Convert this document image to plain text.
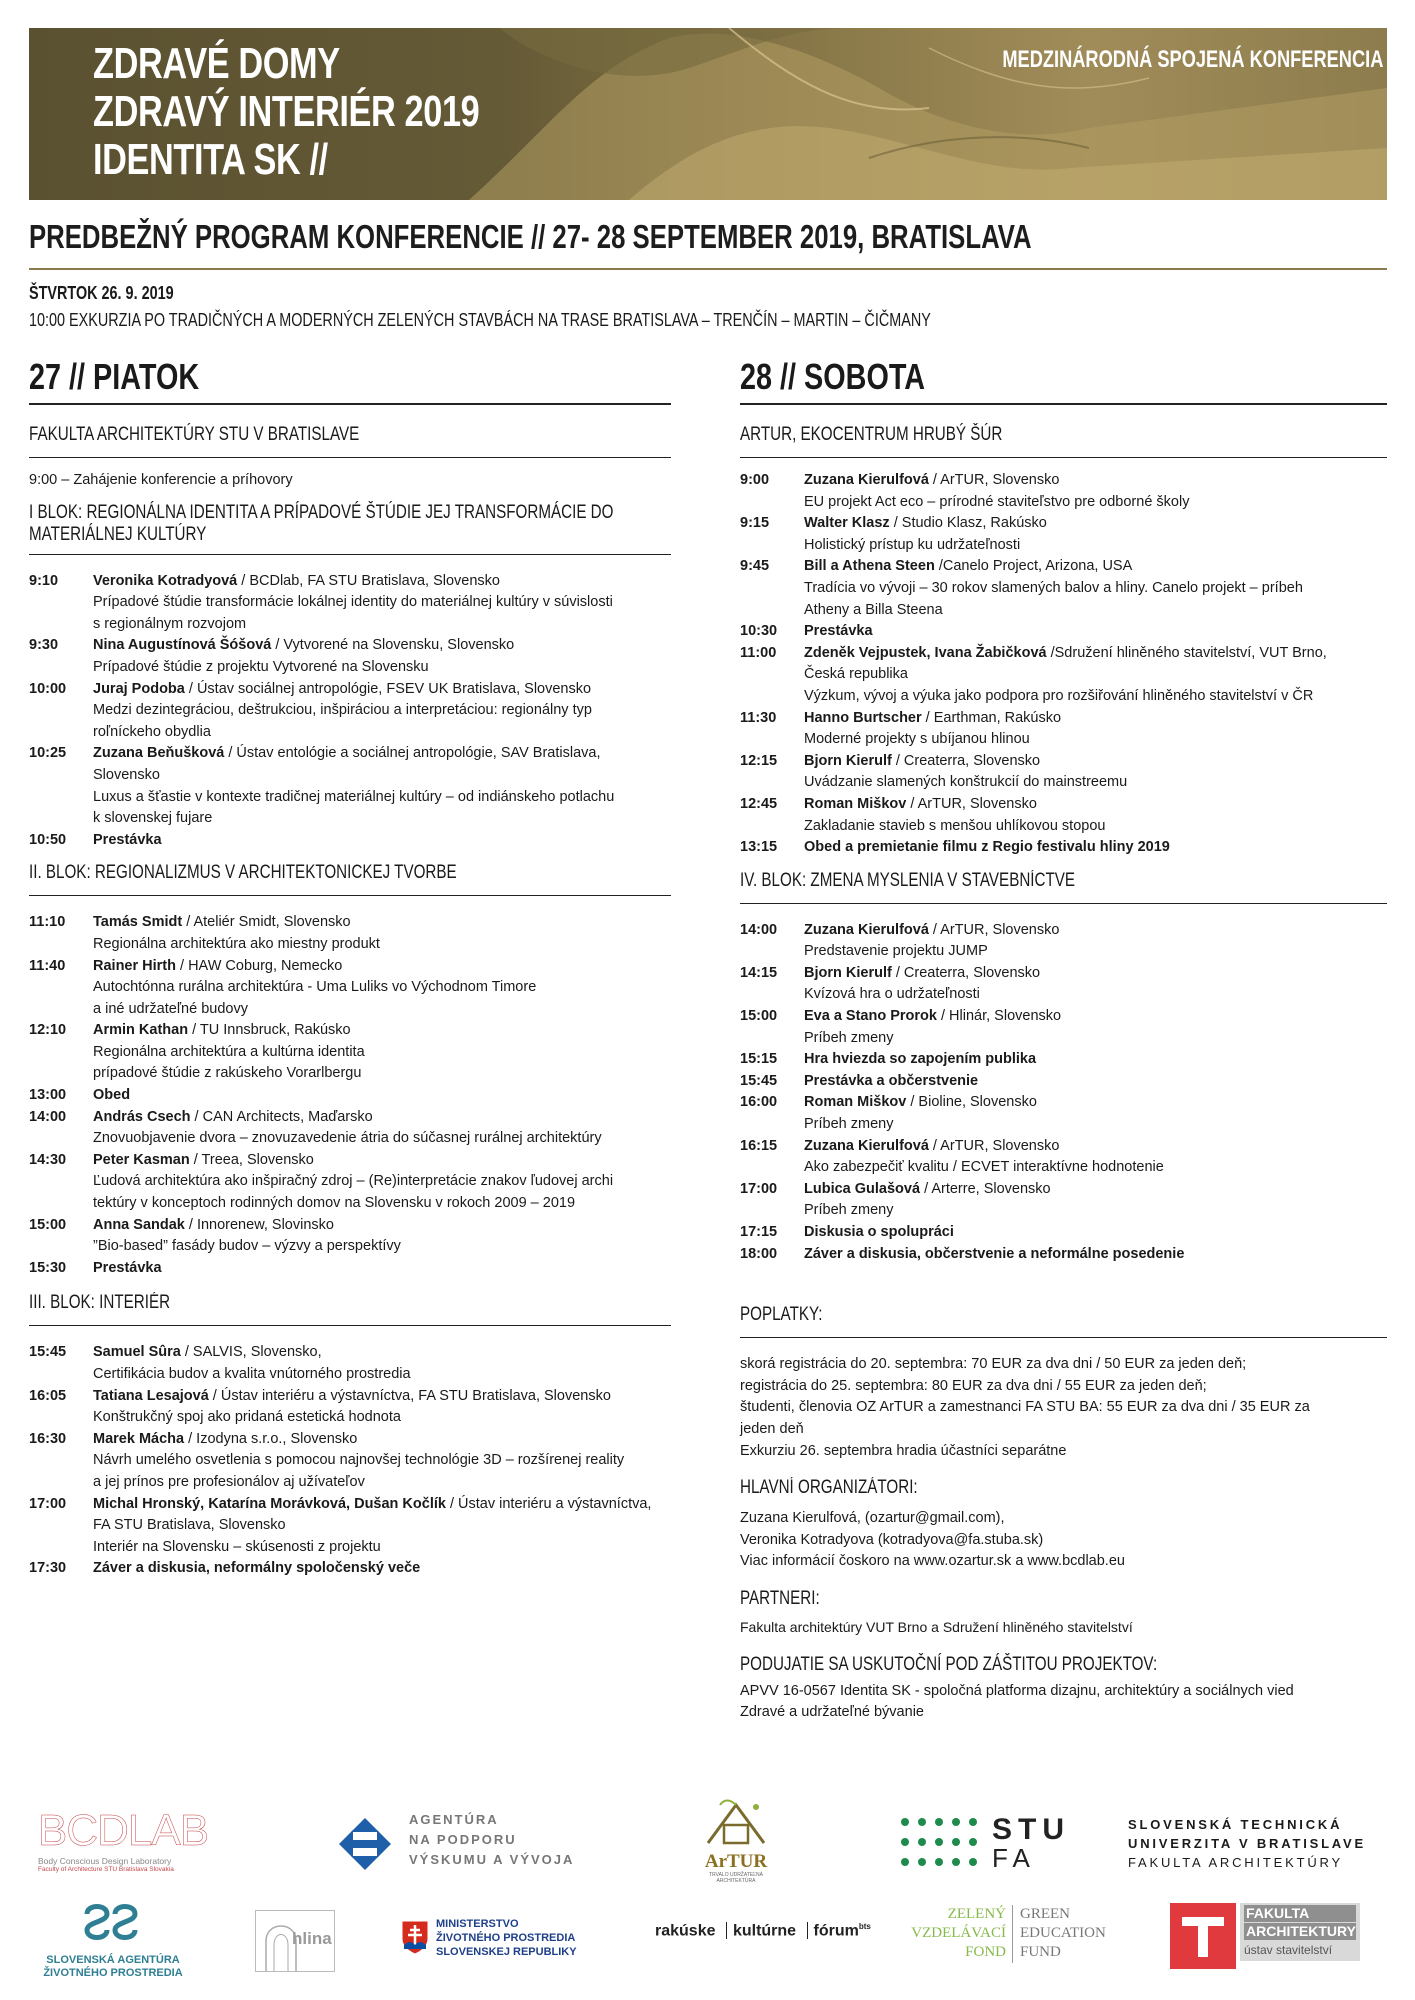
ZDRAVÉ DOMY
ZDRAVÝ INTERIÉR 2019
IDENTITA SK //
MEDZINÁRODNÁ SPOJENÁ KONFERENCIA
PREDBEŽNÝ PROGRAM KONFERENCIE // 27- 28 SEPTEMBER 2019, BRATISLAVA
ŠTVRTOK 26. 9. 2019
10:00 EXKURZIA PO TRADIČNÝCH A MODERNÝCH ZELENÝCH STAVBÁCH NA TRASE BRATISLAVA – TRENČÍN – MARTIN – ČIČMANY
27 // PIATOK
FAKULTA ARCHITEKTÚRY STU V BRATISLAVE
9:00 – Zahájenie konferencie a príhovory
I BLOK: REGIONÁLNA IDENTITA A PRÍPADOVÉ ŠTÚDIE JEJ TRANSFORMÁCIE DO MATERIÁLNEJ KULTÚRY
9:10	Veronika Kotradyová / BCDlab, FA STU Bratislava, Slovensko
Prípadové štúdie transformácie lokálnej identity do materiálnej kultúry v súvislosti
s regionálnym rozvojom
9:30	Nina Augustínová Šóšová / Vytvorené na Slovensku, Slovensko
Prípadové štúdie z projektu Vytvorené na Slovensku
10:00	Juraj Podoba / Ústav sociálnej antropológie, FSEV UK Bratislava, Slovensko
Medzi dezintegráciou, deštrukciou, inšpiráciou a interpretáciou: regionálny typ
roľníckeho obydlia
10:25	Zuzana Beňušková / Ústav entológie a sociálnej antropológie, SAV Bratislava,
Slovensko
Luxus a šťastie v kontexte tradičnej materiálnej kultúry – od indiánskeho potlachu
k slovenskej fujare
10:50	Prestávka
II. BLOK: REGIONALIZMUS V ARCHITEKTONICKEJ TVORBE
11:10	Tamás Smidt / Ateliér Smidt, Slovensko
Regionálna architektúra ako miestny produkt
11:40	Rainer Hirth / HAW Coburg, Nemecko
Autochtónna rurálna architektúra - Uma Luliks vo Východnom Timore
a iné udržateľné budovy
12:10	Armin Kathan / TU Innsbruck, Rakúsko
Regionálna architektúra a kultúrna identita
prípadové štúdie z rakúskeho Vorarlbergu
13:00	Obed
14:00	András Csech / CAN Architects, Maďarsko
Znovuobjavenie dvora – znovuzavedenie átria do súčasnej rurálnej architektúry
14:30	Peter Kasman / Treea, Slovensko
Ľudová architektúra ako inšpiračný zdroj – (Re)interpretácie znakov ľudovej archi
tektúry v konceptoch rodinných domov na Slovensku v rokoch 2009 – 2019
15:00	Anna Sandak / Innorenew, Slovinsko
”Bio-based” fasády budov – výzvy a perspektívy
15:30	Prestávka
III. BLOK: INTERIÉR
15:45	Samuel Sûra / SALVIS, Slovensko,
Certifikácia budov a kvalita vnútorného prostredia
16:05	Tatiana Lesajová / Ústav interiéru a výstavníctva, FA STU Bratislava, Slovensko
Konštrukčný spoj ako pridaná estetická hodnota
16:30	Marek Mácha / Izodyna s.r.o., Slovensko
Návrh umelého osvetlenia s pomocou najnovšej technológie 3D – rozšírenej reality
a jej prínos pre profesionálov aj užívateľov
17:00	Michal Hronský, Katarína Morávková, Dušan Kočlík / Ústav interiéru a výstavníctva,
FA STU Bratislava, Slovensko
Interiér na Slovensku – skúsenosti z projektu
17:30	Záver a diskusia, neformálny spoločenský veče
28 // SOBOTA
ARTUR, EKOCENTRUM HRUBÝ ŠÚR
9:00	Zuzana Kierulfová / ArTUR, Slovensko
EU projekt Act eco – prírodné staviteľstvo pre odborné školy
9:15	Walter Klasz / Studio Klasz, Rakúsko
Holistický prístup ku udržateľnosti
9:45	Bill a Athena Steen /Canelo Project, Arizona, USA
Tradícia vo vývoji – 30 rokov slamených balov a hliny. Canelo projekt – príbeh
Atheny a Billa Steena
10:30	Prestávka
11:00	Zdeněk Vejpustek, Ivana Žabičková /Sdružení hliněného stavitelství, VUT Brno,
Česká republika
Výzkum, vývoj a výuka jako podpora pro rozšiřování hliněného stavitelství v ČR
11:30	Hanno Burtscher / Earthman, Rakúsko
Moderné projekty s ubíjanou hlinou
12:15	Bjorn Kierulf / Createrra, Slovensko
Uvádzanie slamených konštrukcií do mainstreemu
12:45	Roman Miškov / ArTUR, Slovensko
Zakladanie stavieb s menšou uhlíkovou stopou
13:15	Obed a premietanie filmu z Regio festivalu hliny 2019
IV. BLOK: ZMENA MYSLENIA V STAVEBNÍCTVE
14:00	Zuzana Kierulfová / ArTUR, Slovensko
Predstavenie projektu JUMP
14:15	Bjorn Kierulf / Createrra, Slovensko
Kvízová hra o udržateľnosti
15:00	Eva a Stano Prorok / Hlinár, Slovensko
Príbeh zmeny
15:15	Hra hviezda so zapojením publika
15:45	Prestávka a občerstvenie
16:00	Roman Miškov / Bioline, Slovensko
Príbeh zmeny
16:15	Zuzana Kierulfová / ArTUR, Slovensko
Ako zabezpečiť kvalitu / ECVET interaktívne hodnotenie
17:00	Lubica Gulašová / Arterre, Slovensko
Príbeh zmeny
17:15	Diskusia o spolupráci
18:00	Záver a diskusia, občerstvenie a neformálne posedenie
POPLATKY:
skorá registrácia do 20. septembra: 70 EUR za dva dni / 50 EUR za jeden deň;
registrácia do 25. septembra: 80 EUR za dva dni / 55 EUR za jeden deň;
študenti, členovia OZ ArTUR a zamestnanci FA STU BA: 55 EUR za dva dni / 35 EUR za
jeden deň
Exkurziu 26. septembra hradia účastníci separátne
HLAVNÍ ORGANIZÁTORI:
Zuzana Kierulfová, (ozartur@gmail.com),
Veronika Kotradyova (kotradyova@fa.stuba.sk)
Viac informácií čoskoro na www.ozartur.sk a www.bcdlab.eu
PARTNERI:
Fakulta architektúry VUT Brno a Sdružení hliněného stavitelství
PODUJATIE SA USKUTOČNÍ POD ZÁŠTITOU PROJEKTOV:
APVV 16-0567 Identita SK - spoločná platforma dizajnu, architektúry a sociálnych vied
Zdravé a udržateľné bývanie
BCDLAB
Body Conscious Design Laboratory
Faculty of Architecture STU Bratislava Slovakia
AGENTÚRA
NA PODPORU
VÝSKUMU A VÝVOJA	ArTUR
TRVALO UDRŽATEĽNÁ ARCHITEKTÚRA
STU
FA
SLOVENSKÁ TECHNICKÁ
UNIVERZITA V BRATISLAVE
FAKULTA ARCHITEKTÚRY
SLOVENSKÁ AGENTÚRA
ŽIVOTNÉHO PROSTREDIA
hlina
MINISTERSTVO
ŽIVOTNÉHO PROSTREDIA
SLOVENSKEJ REPUBLIKY
rakúske kultúrne fórum$^{bts}$
ZELENÝ
VZDELÁVACÍ
FOND
GREEN
EDUCATION
FUND
FAKULTA
ARCHITEKTURY
ústav stavitelství
